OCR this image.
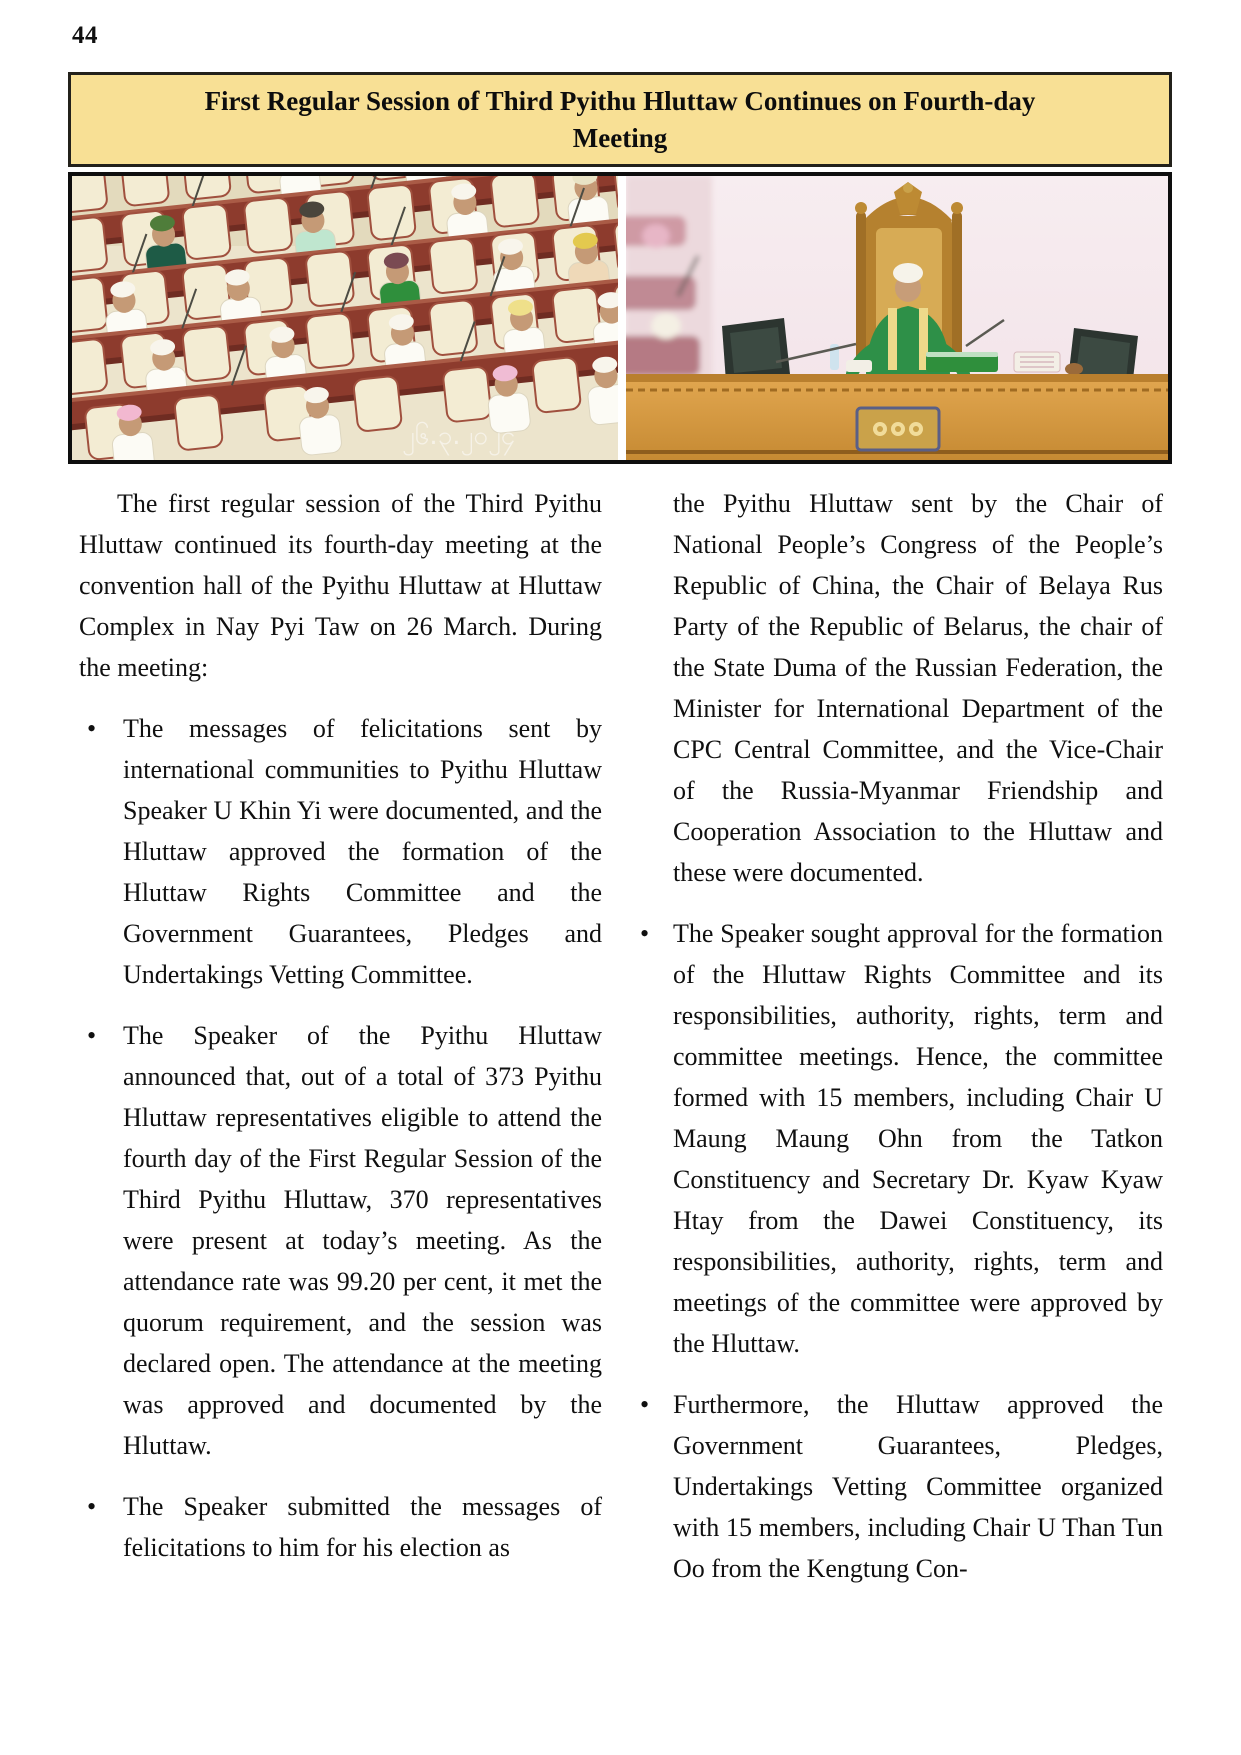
44
First Regular Session of Third Pyithu Hluttaw Continues on Fourth-day
Meeting
၂၆.၃.၂၀၂၄

The first regular session of the Third Pyithu Hluttaw continued its fourth-day meeting at the convention hall of the Pyithu Hluttaw at Hluttaw Complex in Nay Pyi Taw on 26 March. During the meeting:

• The messages of felicitations sent by international communities to Pyithu Hluttaw Speaker U Khin Yi were documented, and the Hluttaw approved the formation of the Hluttaw Rights Committee and the Government Guarantees, Pledges and Undertakings Vetting Committee.
• The Speaker of the Pyithu Hluttaw announced that, out of a total of 373 Pyithu Hluttaw representatives eligible to attend the fourth day of the First Regular Session of the Third Pyithu Hluttaw, 370 representatives were present at today’s meeting. As the attendance rate was 99.20 per cent, it met the quorum requirement, and the session was declared open. The attendance at the meeting was approved and documented by the Hluttaw.
• The Speaker submitted the messages of felicitations to him for his election as

the Pyithu Hluttaw sent by the Chair of National People’s Congress of the People’s Republic of China, the Chair of Belaya Rus Party of the Republic of Belarus, the chair of the State Duma of the Russian Federation, the Minister for International Department of the CPC Central Committee, and the Vice-Chair of the Russia-Myanmar Friendship and Cooperation Association to the Hluttaw and these were documented.

• The Speaker sought approval for the formation of the Hluttaw Rights Committee and its responsibilities, authority, rights, term and committee meetings. Hence, the committee formed with 15 members, including Chair U Maung Maung Ohn from the Tatkon Constituency and Secretary Dr. Kyaw Kyaw Htay from the Dawei Constituency, its responsibilities, authority, rights, term and meetings of the committee were approved by the Hluttaw.
• Furthermore, the Hluttaw approved the Government Guarantees, Pledges, Undertakings Vetting Committee organized with 15 members, including Chair U Than Tun Oo from the Kengtung Con-
